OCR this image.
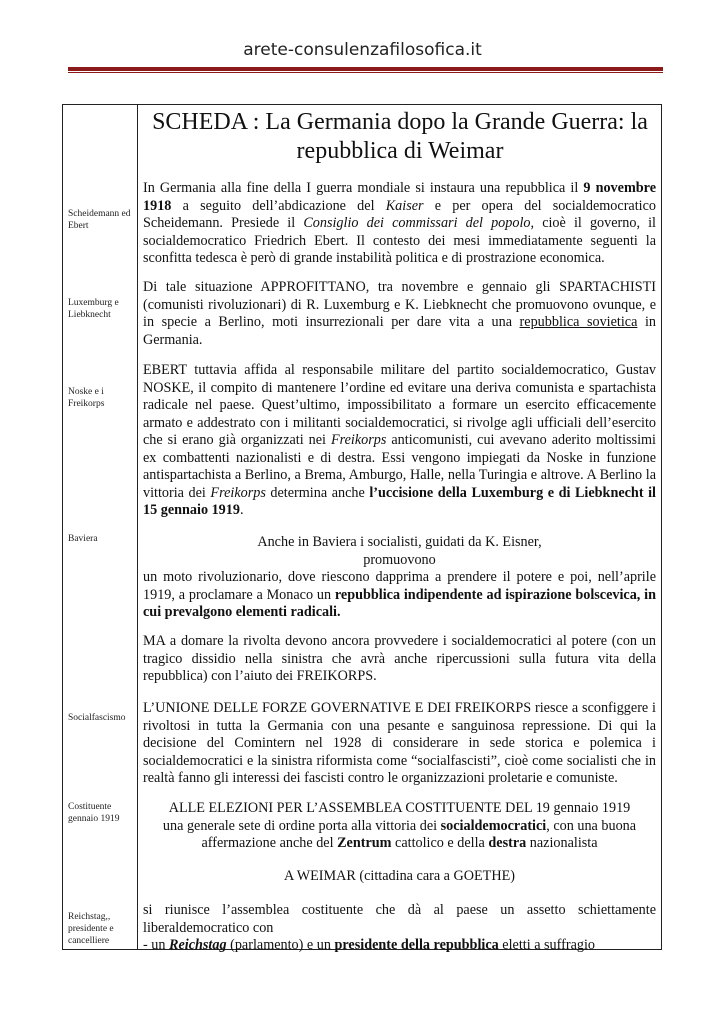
arete-consulenzafilosofica.it
SCHEDA : La Germania dopo la Grande Guerra: la repubblica di Weimar
Scheidemann ed Ebert
Luxemburg e Liebknecht
Noske e i Freikorps
Baviera
Socialfascismo
Costituente gennaio 1919
Reichstag,, presidente e cancelliere
In Germania alla fine della I guerra mondiale si instaura una repubblica il 9 novembre 1918 a seguito dell’abdicazione del Kaiser e per opera del socialdemocratico Scheidemann. Presiede il Consiglio dei commissari del popolo, cioè il governo, il socialdemocratico Friedrich Ebert. Il contesto dei mesi immediatamente seguenti la sconfitta tedesca è però di grande instabilità politica e di prostrazione economica.
Di tale situazione APPROFITTANO, tra novembre e gennaio gli SPARTACHISTI (comunisti rivoluzionari) di R. Luxemburg e K. Liebknecht che promuovono ovunque, e in specie a Berlino, moti insurrezionali per dare vita a una repubblica sovietica in Germania.
EBERT tuttavia affida al responsabile militare del partito socialdemocratico, Gustav NOSKE, il compito di mantenere l’ordine ed evitare una deriva comunista e spartachista radicale nel paese. Quest’ultimo, impossibilitato a formare un esercito efficacemente armato e addestrato con i militanti socialdemocratici, si rivolge agli ufficiali dell’esercito che si erano già organizzati nei Freikorps anticomunisti, cui avevano aderito moltissimi ex combattenti nazionalisti e di destra. Essi vengono impiegati da Noske in funzione antispartachista a Berlino, a Brema, Amburgo, Halle, nella Turingia e altrove. A Berlino la vittoria dei Freikorps determina anche l’uccisione della Luxemburg e di Liebknecht il 15 gennaio 1919.
Anche in Baviera i socialisti, guidati da K. Eisner,
promuovono
un moto rivoluzionario, dove riescono dapprima a prendere il potere e poi, nell’aprile 1919, a proclamare a Monaco un repubblica indipendente ad ispirazione bolscevica, in cui prevalgono elementi radicali.
MA a domare la rivolta devono ancora provvedere i socialdemocratici al potere (con un tragico dissidio nella sinistra che avrà anche ripercussioni sulla futura vita della repubblica) con l’aiuto dei FREIKORPS.
L’UNIONE DELLE FORZE GOVERNATIVE E DEI FREIKORPS riesce a sconfiggere i rivoltosi in tutta la Germania con una pesante e sanguinosa repressione. Di qui la decisione del Comintern nel 1928 di considerare in sede storica e polemica i socialdemocratici e la sinistra riformista come “socialfascisti”, cioè come socialisti che in realtà fanno gli interessi dei fascisti contro le organizzazioni proletarie e comuniste.
ALLE ELEZIONI PER L’ASSEMBLEA COSTITUENTE DEL 19 gennaio 1919
una generale sete di ordine porta alla vittoria dei socialdemocratici, con una buona
affermazione anche del Zentrum cattolico e della destra nazionalista
A WEIMAR (cittadina cara a GOETHE)
si riunisce l’assemblea costituente che dà al paese un assetto schiettamente liberaldemocratico con
- un Reichstag (parlamento) e un presidente della repubblica eletti a suffragio
